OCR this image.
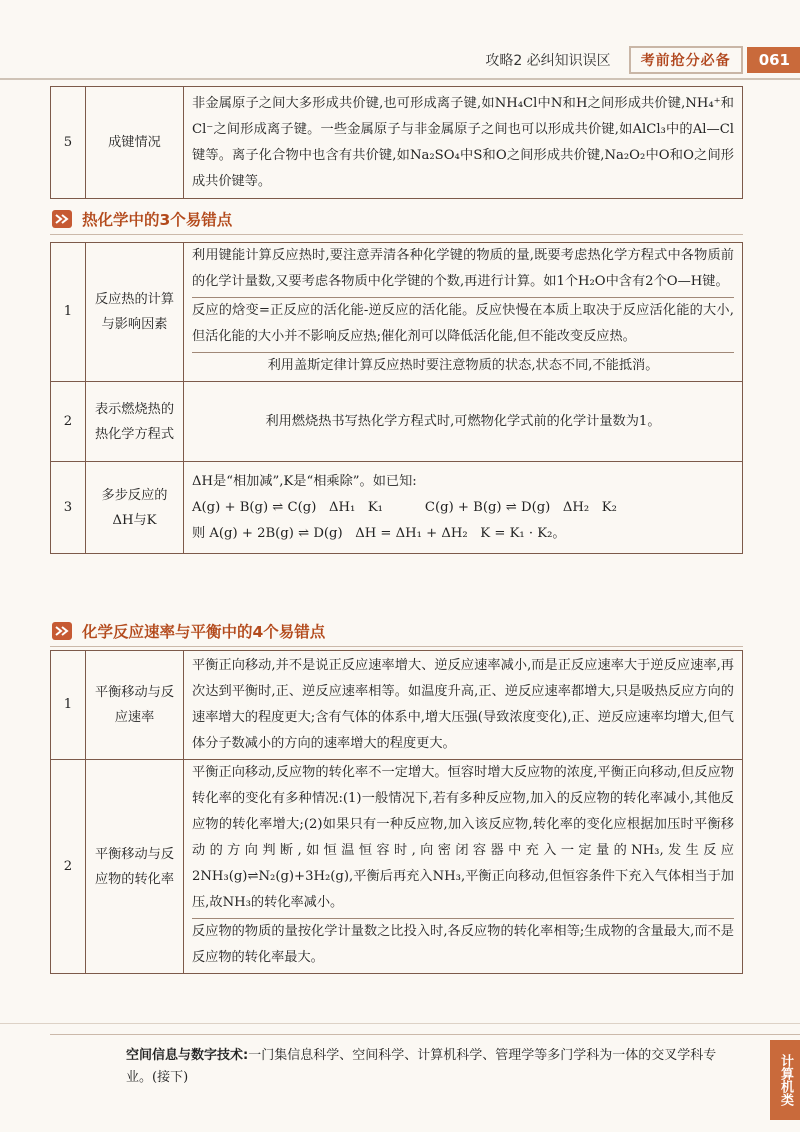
攻略2 必纠知识误区	考前抢分必备	061
5	成键情况	非金属原子之间大多形成共价键,也可形成离子键,如NH₄Cl中N和H之间形成共价键,NH₄⁺和Cl⁻之间形成离子键。一些金属原子与非金属原子之间也可以形成共价键,如AlCl₃中的Al—Cl键等。离子化合物中也含有共价键,如Na₂SO₄中S和O之间形成共价键,Na₂O₂中O和O之间形成共价键等。
热化学中的3个易错点
1	反应热的计算与影响因素	利用键能计算反应热时,要注意弄清各种化学键的物质的量,既要考虑热化学方程式中各物质前的化学计量数,又要考虑各物质中化学键的个数,再进行计算。如1个H₂O中含有2个O—H键。
反应的焓变=正反应的活化能-逆反应的活化能。反应快慢在本质上取决于反应活化能的大小,但活化能的大小并不影响反应热;催化剂可以降低活化能,但不能改变反应热。
利用盖斯定律计算反应热时要注意物质的状态,状态不同,不能抵消。

2	表示燃烧热的热化学方程式	利用燃烧热书写热化学方程式时,可燃物化学式前的化学计量数为1。
3	多步反应的ΔH与K	ΔH是“相加减”,K是“相乘除”。如已知:
A(g) + B(g) ⇌ C(g)   ΔH₁   K₁          C(g) + B(g) ⇌ D(g)   ΔH₂   K₂
则 A(g) + 2B(g) ⇌ D(g)   ΔH = ΔH₁ + ΔH₂   K = K₁ · K₂。
化学反应速率与平衡中的4个易错点
1	平衡移动与反应速率	平衡正向移动,并不是说正反应速率增大、逆反应速率减小,而是正反应速率大于逆反应速率,再次达到平衡时,正、逆反应速率相等。如温度升高,正、逆反应速率都增大,只是吸热反应方向的速率增大的程度更大;含有气体的体系中,增大压强(导致浓度变化),正、逆反应速率均增大,但气体分子数减小的方向的速率增大的程度更大。
2	平衡移动与反应物的转化率	平衡正向移动,反应物的转化率不一定增大。恒容时增大反应物的浓度,平衡正向移动,但反应物转化率的变化有多种情况:(1)一般情况下,若有多种反应物,加入的反应物的转化率减小,其他反应物的转化率增大;(2)如果只有一种反应物,加入该反应物,转化率的变化应根据加压时平衡移动的方向判断,如恒温恒容时,向密闭容器中充入一定量的NH₃,发生反应2NH₃(g)⇌N₂(g)+3H₂(g),平衡后再充入NH₃,平衡正向移动,但恒容条件下充入气体相当于加压,故NH₃的转化率减小。
反应物的物质的量按化学计量数之比投入时,各反应物的转化率相等;生成物的含量最大,而不是反应物的转化率最大。
空间信息与数字技术:一门集信息科学、空间科学、计算机科学、管理学等多门学科为一体的交叉学科专业。(接下)	计算机类
